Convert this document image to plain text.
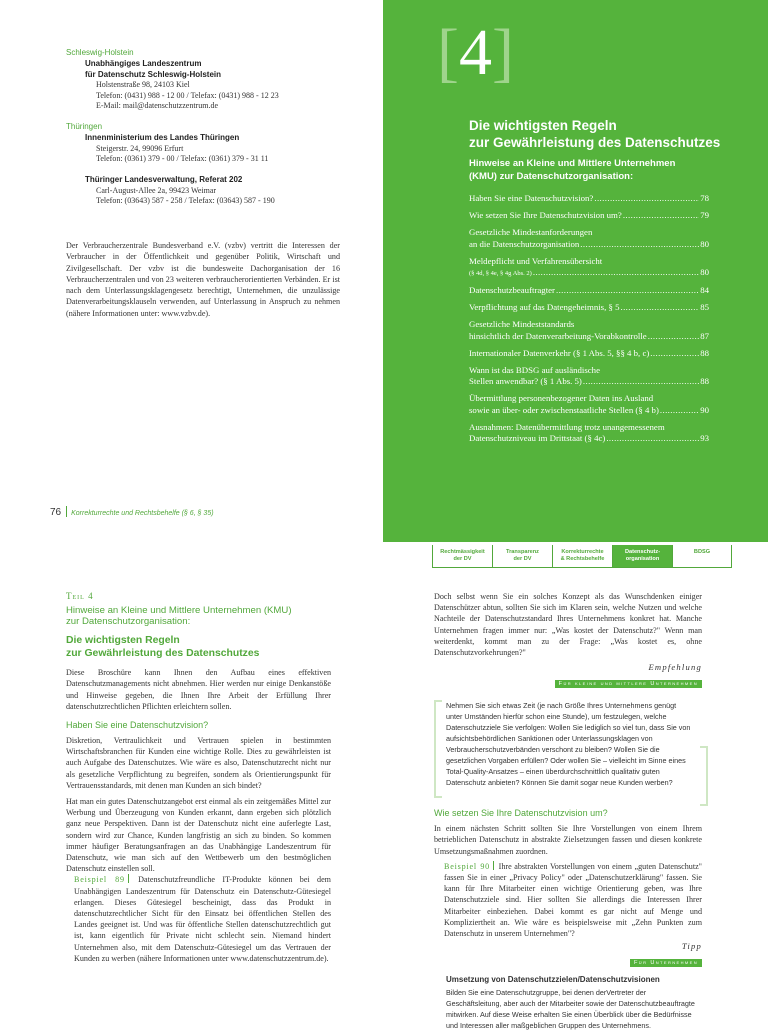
Schleswig-Holstein
Unabhängiges Landeszentrum
für Datenschutz Schleswig-Holstein
Holstenstraße 98, 24103 Kiel
Telefon: (0431) 988 - 12 00 / Telefax: (0431) 988 - 12 23
E-Mail: mail@datenschutzzentrum.de
Thüringen
Innenministerium des Landes Thüringen
Steigerstr. 24, 99096 Erfurt
Telefon: (0361) 379 - 00 / Telefax: (0361) 379 - 31 11
Thüringer Landesverwaltung, Referat 202
Carl-August-Allee 2a, 99423 Weimar
Telefon: (03643) 587 - 258 / Telefax: (03643) 587 - 190
Der Verbraucherzentrale Bundesverband e.V. (vzbv) vertritt die Interessen der Verbraucher in der Öffentlichkeit und gegenüber Politik, Wirtschaft und Zivilgesellschaft. Der vzbv ist die bundesweite Dachorganisation der 16 Verbraucherzentralen und von 23 weiteren verbraucherorientierten Verbänden. Er ist nach dem Unterlassungsklagengesetz berechtigt, Unternehmen, die unzulässige Datenverarbeitungsklauseln verwenden, auf Unterlassung in Anspruch zu nehmen (nähere Informationen unter: www.vzbv.de).
76 Korrekturrechte und Rechtsbehelfe (§ 6, § 35)
[4]
Die wichtigsten Regeln
zur Gewährleistung des Datenschutzes
Hinweise an Kleine und Mittlere Unternehmen
(KMU) zur Datenschutzorganisation:
Haben Sie eine Datenschutzvision? .....	78
Wie setzen Sie Ihre Datenschutzvision um? .....	79
Gesetzliche Mindestanforderungen
an die Datenschutzorganisation .....	80
Meldepflicht und Verfahrensübersicht
(§ 4d, § 4e, § 4g Abs. 2) .....	80
Datenschutzbeauftragter .....	84
Verpflichtung auf das Datengeheimnis, § 5 .....	85
Gesetzliche Mindeststandards
hinsichtlich der Datenverarbeitung-Vorabkontrolle .....	87
Internationaler Datenverkehr (§ 1 Abs. 5, §§ 4 b, c) .....	88
Wann ist das BDSG auf ausländische
Stellen anwendbar? (§ 1 Abs. 5) .....	88
Übermittlung personenbezogener Daten ins Ausland
sowie an über- oder zwischenstaatliche Stellen (§ 4 b) .....	90
Ausnahmen: Datenübermittlung trotz unangemessenem
Datenschutzniveau im Drittstaat (§ 4c) .....	93
Rechtmässigkeit
der DV
Transparenz
der DV
Korrekturrechte
& Rechtsbehelfe
Datenschutz-
organisation
BDSG
Teil 4
Hinweise an Kleine und Mittlere Unternehmen (KMU)
zur Datenschutzorganisation:
Die wichtigsten Regeln
zur Gewährleistung des Datenschutzes
Diese Broschüre kann Ihnen den Aufbau eines effektiven Datenschutzmanagements nicht abnehmen. Hier werden nur einige Denkanstöße und Hinweise gegeben, die Ihnen Ihre Arbeit der Erfüllung Ihrer datenschutzrechtlichen Pflichten erleichtern sollen.
Haben Sie eine Datenschutzvision?
Diskretion, Vertraulichkeit und Vertrauen spielen in bestimmten Wirtschaftsbranchen für Kunden eine wichtige Rolle. Dies zu gewährleisten ist auch Aufgabe des Datenschutzes. Wie wäre es also, Datenschutzrecht nicht nur als gesetzliche Verpflichtung zu begreifen, sondern als Orientierungspunkt für Vertrauensstandards, mit denen man Kunden an sich bindet?
Hat man ein gutes Datenschutzangebot erst einmal als ein zeitgemäßes Mittel zur Werbung und Überzeugung von Kunden erkannt, dann ergeben sich plötzlich ganz neue Perspektiven. Dann ist der Datenschutz nicht eine auferlegte Last, sondern wird zur Chance, Kunden langfristig an sich zu binden. So kommen immer häufiger Beratungsanfragen an das Unabhängige Landeszentrum für Datenschutz, wie man sich auf den Wettbewerb um den bestmöglichen Datenschutz einstellen soll.
Beispiel 89 Datenschutzfreundliche IT-Produkte können bei dem Unabhängigen Landeszentrum für Datenschutz ein Datenschutz-Gütesiegel erlangen. Dieses Gütesiegel bescheinigt, dass das Produkt in datenschutzrechtlicher Sicht für den Einsatz bei öffentlichen Stellen des Landes geeignet ist. Und was für öffentliche Stellen datenschutzrechtlich gut ist, kann eigentlich für Private nicht schlecht sein. Niemand hindert Unternehmen also, mit dem Datenschutz-Gütesiegel um das Vertrauen der Kunden zu werben (nähere Informationen unter www.datenschutzzentrum.de).
Doch selbst wenn Sie ein solches Konzept als das Wunschdenken einiger Datenschützer abtun, sollten Sie sich im Klaren sein, welche Nutzen und welche Nachteile der Datenschutzstandard Ihres Unternehmens konkret hat. Manche Unternehmen fragen immer nur: „Was kostet der Datenschutz?" Wenn man weiterdenkt, kommt man zu der Frage: „Was kostet es, ohne Datenschutzvorkehrungen?"
Empfehlung
Für kleine und mittlere Unternehmen
Nehmen Sie sich etwas Zeit (je nach Größe Ihres Unternehmens genügt unter Umständen hierfür schon eine Stunde), um festzulegen, welche Datenschutzziele Sie verfolgen: Wollen Sie lediglich so viel tun, dass Sie von aufsichtsbehördlichen Sanktionen oder Unterlassungsklagen von Verbraucherschutzverbänden verschont zu bleiben? Wollen Sie die gesetzlichen Vorgaben erfüllen? Oder wollen Sie – vielleicht im Sinne eines Total-Quality-Ansatzes – einen überdurchschnittlich qualitativ guten Datenschutz anbieten? Können Sie damit sogar neue Kunden werben?
Wie setzen Sie Ihre Datenschutzvision um?
In einem nächsten Schritt sollten Sie Ihre Vorstellungen von einem Ihrem betrieblichen Datenschutz in abstrakte Zielsetzungen fassen und diesen konkrete Umsetzungsmaßnahmen zuordnen.
Beispiel 90 Ihre abstrakten Vorstellungen von einem „guten Datenschutz" fassen Sie in einer „Privacy Policy" oder „Datenschutzerklärung" fassen. Sie kann für Ihre Mitarbeiter einen wichtige Orientierung geben, was Ihre Datenschutzziele sind. Hier sollten Sie allerdings die Interessen Ihrer Mitarbeiter einbeziehen. Dabei kommt es gar nicht auf Menge und Kompliziertheit an. Wie wäre es beispielsweise mit „Zehn Punkten zum Datenschutz in unserem Unternehmen"?
Tipp
Für Unternehmen
Umsetzung von Datenschutzzielen/Datenschutzvisionen
Bilden Sie eine Datenschutzgruppe, bei denen derVertreter der Geschäftsleitung, aber auch der Mitarbeiter sowie der Datenschutzbeauftragte mitwirken. Auf diese Weise erhalten Sie einen Überblick über die Bedürfnisse und Interessen aller maßgeblichen Gruppen des Unternehmens.
